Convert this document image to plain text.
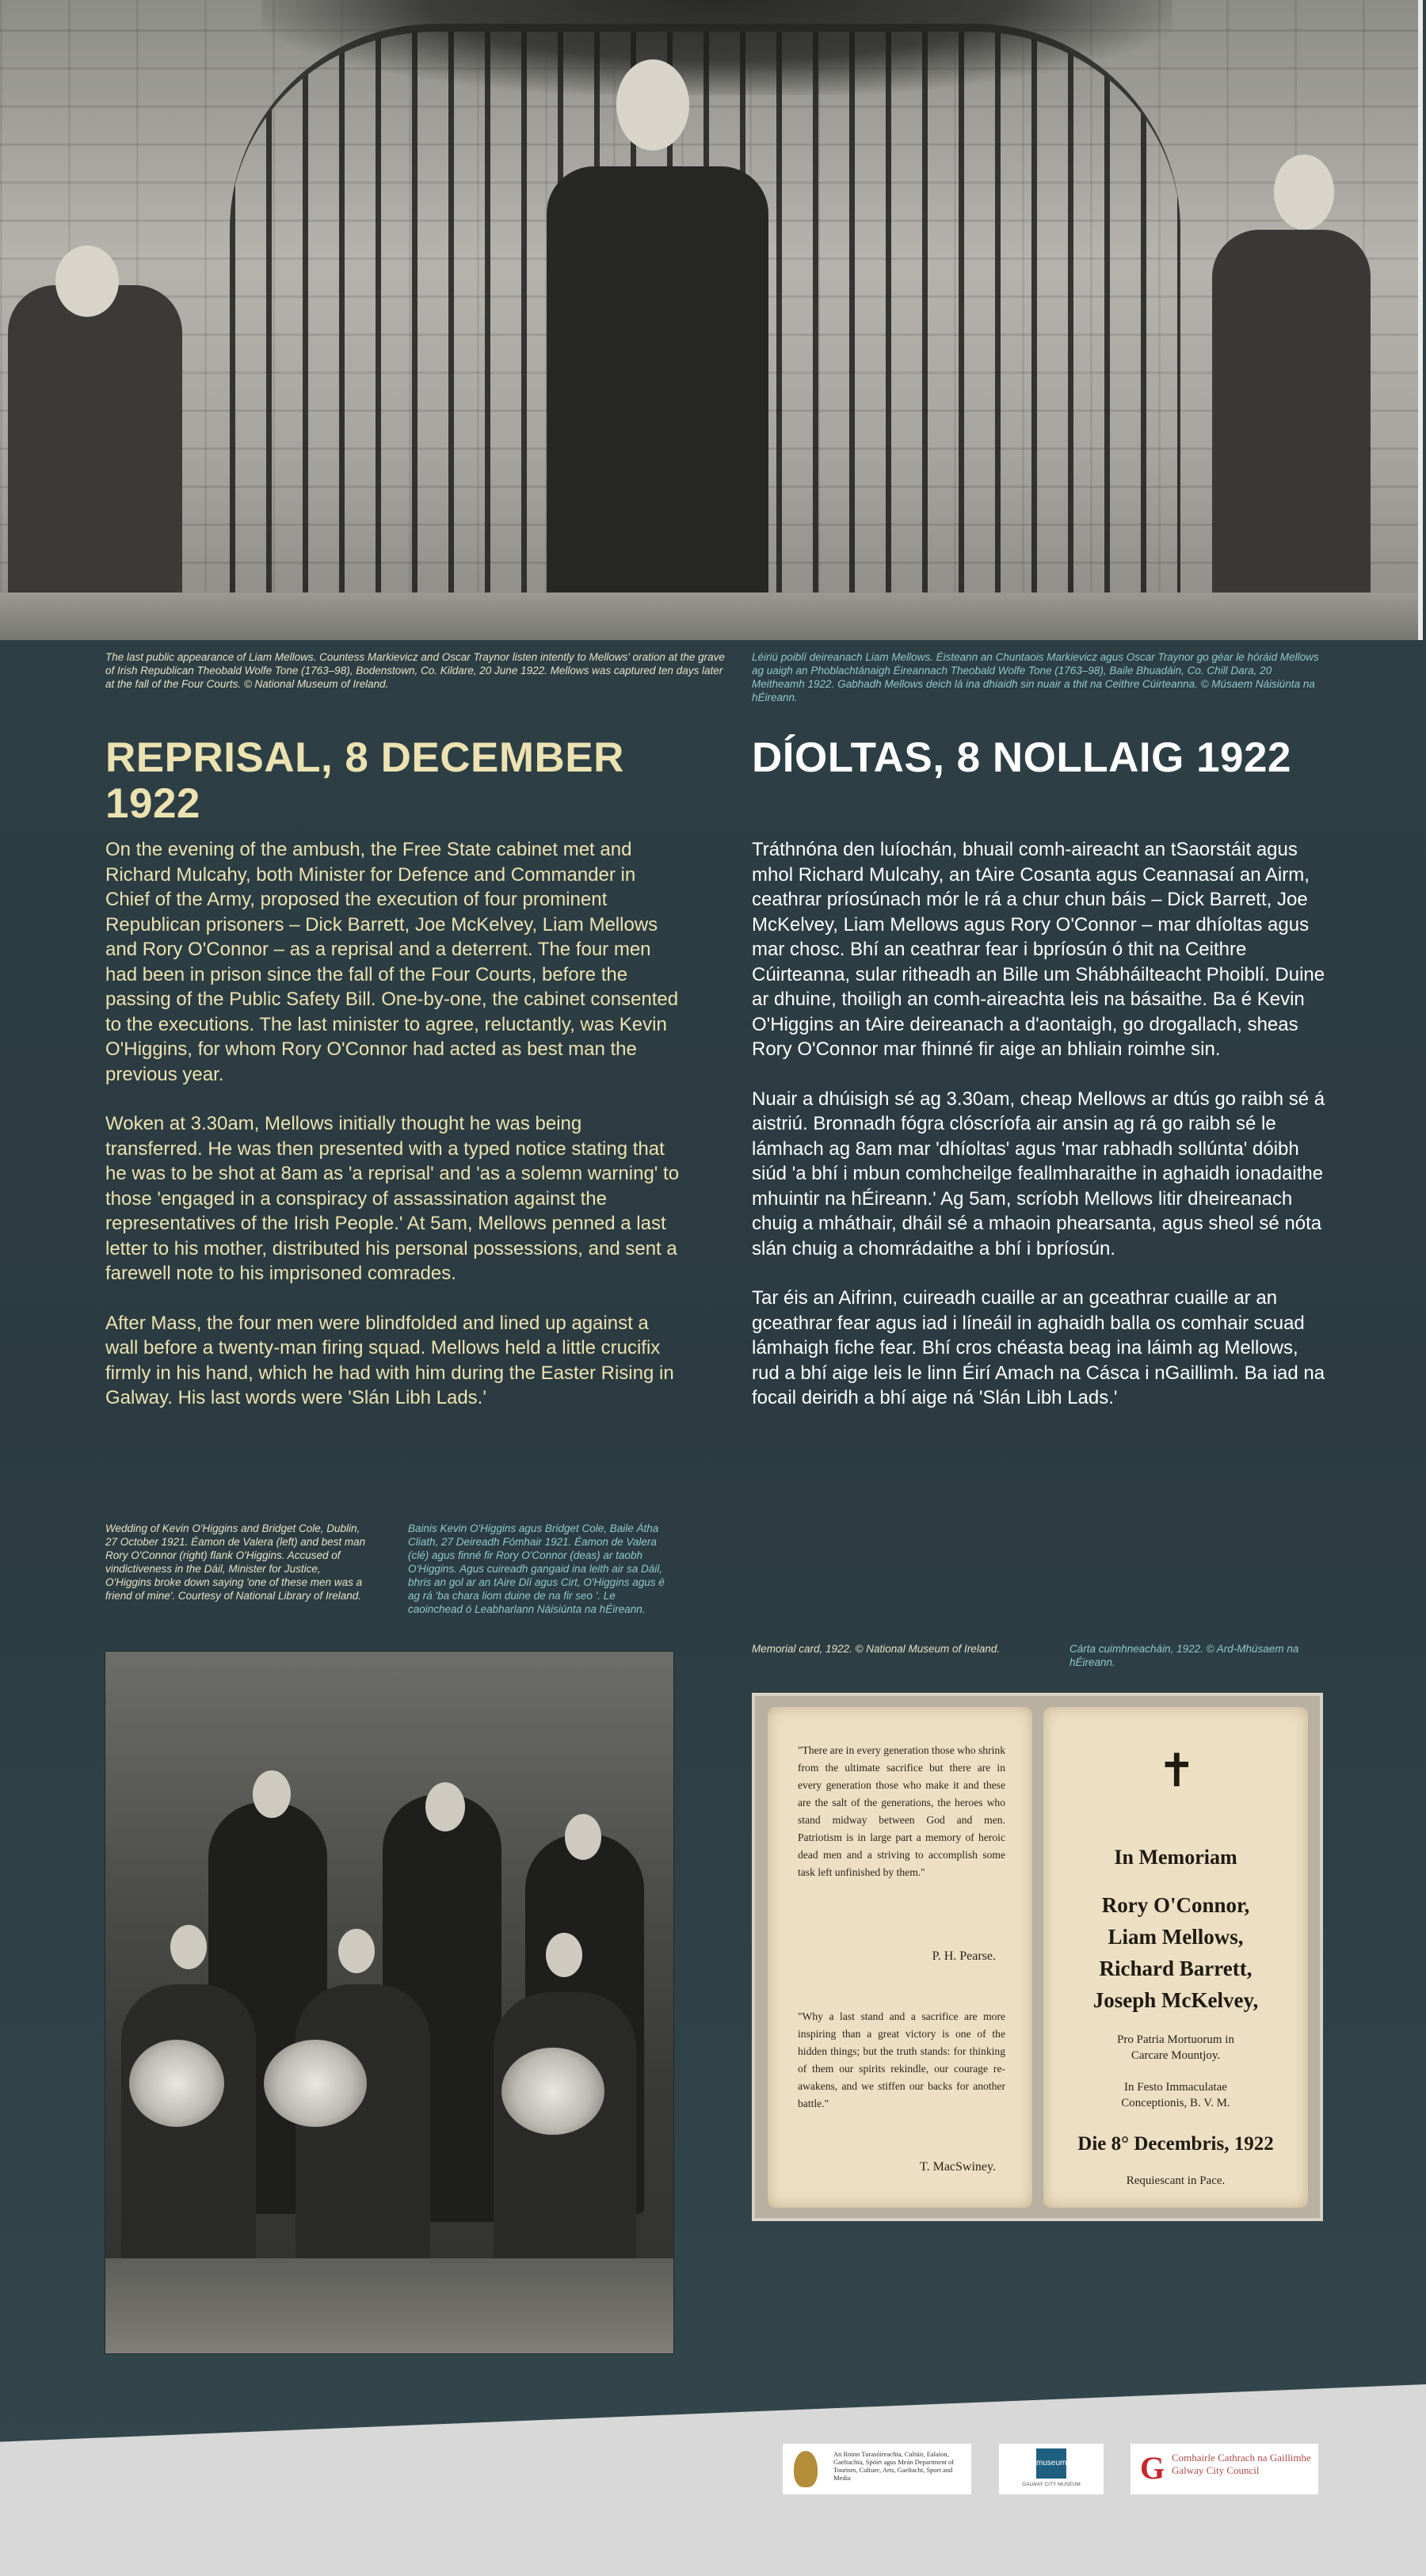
The last public appearance of Liam Mellows. Countess Markievicz and Oscar Traynor listen intently to Mellows' oration at the grave of Irish Republican Theobald Wolfe Tone (1763–98), Bodenstown, Co. Kildare, 20 June 1922. Mellows was captured ten days later at the fall of the Four Courts. © National Museum of Ireland.
Léiriú poiblí deireanach Liam Mellows. Éisteann an Chuntaois Markievicz agus Oscar Traynor go géar le hóráid Mellows ag uaigh an Phoblachtánaigh Éireannach Theobald Wolfe Tone (1763–98), Baile Bhuadáin, Co. Chill Dara, 20 Meitheamh 1922. Gabhadh Mellows deich lá ina dhiaidh sin nuair a thit na Ceithre Cúirteanna. © Músaem Náisiúnta na hÉireann.
REPRISAL, 8 DECEMBER 1922
DÍOLTAS, 8 NOLLAIG 1922

On the evening of the ambush, the Free State cabinet met and Richard Mulcahy, both Minister for Defence and Commander in Chief of the Army, proposed the execution of four prominent Republican prisoners – Dick Barrett, Joe McKelvey, Liam Mellows and Rory O'Connor – as a reprisal and a deterrent. The four men had been in prison since the fall of the Four Courts, before the passing of the Public Safety Bill. One-by-one, the cabinet consented to the executions. The last minister to agree, reluctantly, was Kevin O'Higgins, for whom Rory O'Connor had acted as best man the previous year.

Woken at 3.30am, Mellows initially thought he was being transferred. He was then presented with a typed notice stating that he was to be shot at 8am as 'a reprisal' and 'as a solemn warning' to those 'engaged in a conspiracy of assassination against the representatives of the Irish People.' At 5am, Mellows penned a last letter to his mother, distributed his personal possessions, and sent a farewell note to his imprisoned comrades.

After Mass, the four men were blindfolded and lined up against a wall before a twenty-man firing squad. Mellows held a little crucifix firmly in his hand, which he had with him during the Easter Rising in Galway. His last words were 'Slán Libh Lads.'

Tráthnóna den luíochán, bhuail comh-aireacht an tSaorstáit agus mhol Richard Mulcahy, an tAire Cosanta agus Ceannasaí an Airm, ceathrar príosúnach mór le rá a chur chun báis – Dick Barrett, Joe McKelvey, Liam Mellows agus Rory O'Connor – mar dhíoltas agus mar chosc. Bhí an ceathrar fear i bpríosún ó thit na Ceithre Cúirteanna, sular ritheadh an Bille um Shábháilteacht Phoiblí. Duine ar dhuine, thoiligh an comh-aireachta leis na básaithe. Ba é Kevin O'Higgins an tAire deireanach a d'aontaigh, go drogallach, sheas Rory O'Connor mar fhinné fir aige an bhliain roimhe sin.

Nuair a dhúisigh sé ag 3.30am, cheap Mellows ar dtús go raibh sé á aistriú. Bronnadh fógra clóscríofa air ansin ag rá go raibh sé le lámhach ag 8am mar 'dhíoltas' agus 'mar rabhadh sollúnta' dóibh siúd 'a bhí i mbun comhcheilge feallmharaithe in aghaidh ionadaithe mhuintir na hÉireann.' Ag 5am, scríobh Mellows litir dheireanach chuig a mháthair, dháil sé a mhaoin phearsanta, agus sheol sé nóta slán chuig a chomrádaithe a bhí i bpríosún.

Tar éis an Aifrinn, cuireadh cuaille ar an gceathrar cuaille ar an gceathrar fear agus iad i líneáil in aghaidh balla os comhair scuad lámhaigh fiche fear. Bhí cros chéasta beag ina láimh ag Mellows, rud a bhí aige leis le linn Éirí Amach na Cásca i nGaillimh. Ba iad na focail deiridh a bhí aige ná 'Slán Libh Lads.'

Wedding of Kevin O'Higgins and Bridget Cole, Dublin, 27 October 1921. Éamon de Valera (left) and best man Rory O'Connor (right) flank O'Higgins. Accused of vindictiveness in the Dáil, Minister for Justice, O'Higgins broke down saying 'one of these men was a friend of mine'. Courtesy of National Library of Ireland.
Bainis Kevin O'Higgins agus Bridget Cole, Baile Átha Cliath, 27 Deireadh Fómhair 1921. Éamon de Valera (clé) agus finné fir Rory O'Connor (deas) ar taobh O'Higgins. Agus cuireadh gangaid ina leith air sa Dáil, bhris an gol ar an tAire Dlí agus Cirt, O'Higgins agus é ag rá 'ba chara liom duine de na fir seo '. Le caoinchead ó Leabharlann Náisiúnta na hÉireann.
Memorial card, 1922. © National Museum of Ireland.	Cárta cuimhneacháin, 1922. © Ard-Mhúsaem na hÉireann.
"There are in every generation those who shrink from the ultimate sacrifice but there are in every generation those who make it and these are the salt of the generations, the heroes who stand midway between God and men. Patriotism is in large part a memory of heroic dead men and a striving to accomplish some task left unfinished by them."
P. H. Pearse.
"Why a last stand and a sacrifice are more inspiring than a great victory is one of the hidden things; but the truth stands: for thinking of them our spirits rekindle, our courage re-awakens, and we stiffen our backs for another battle."
T. MacSwiney.
✝
In Memoriam
Rory O'Connor,
Liam Mellows,
Richard Barrett,
Joseph McKelvey,
Pro Patria Mortuorum in Carcare Mountjoy.
In Festo Immaculatae Conceptionis, B. V. M.
Die 8° Decembris, 1922
Requiescant in Pace.
An Roinn Turasóireachta, Cultúir, Ealaíon, Gaeltachta, Spóirt agus Meán Department of Tourism, Culture, Arts, Gaeltacht, Sport and Media
museum
GALWAY CITY MUSEUM	G Comhairle Cathrach na Gaillimhe Galway City Council
